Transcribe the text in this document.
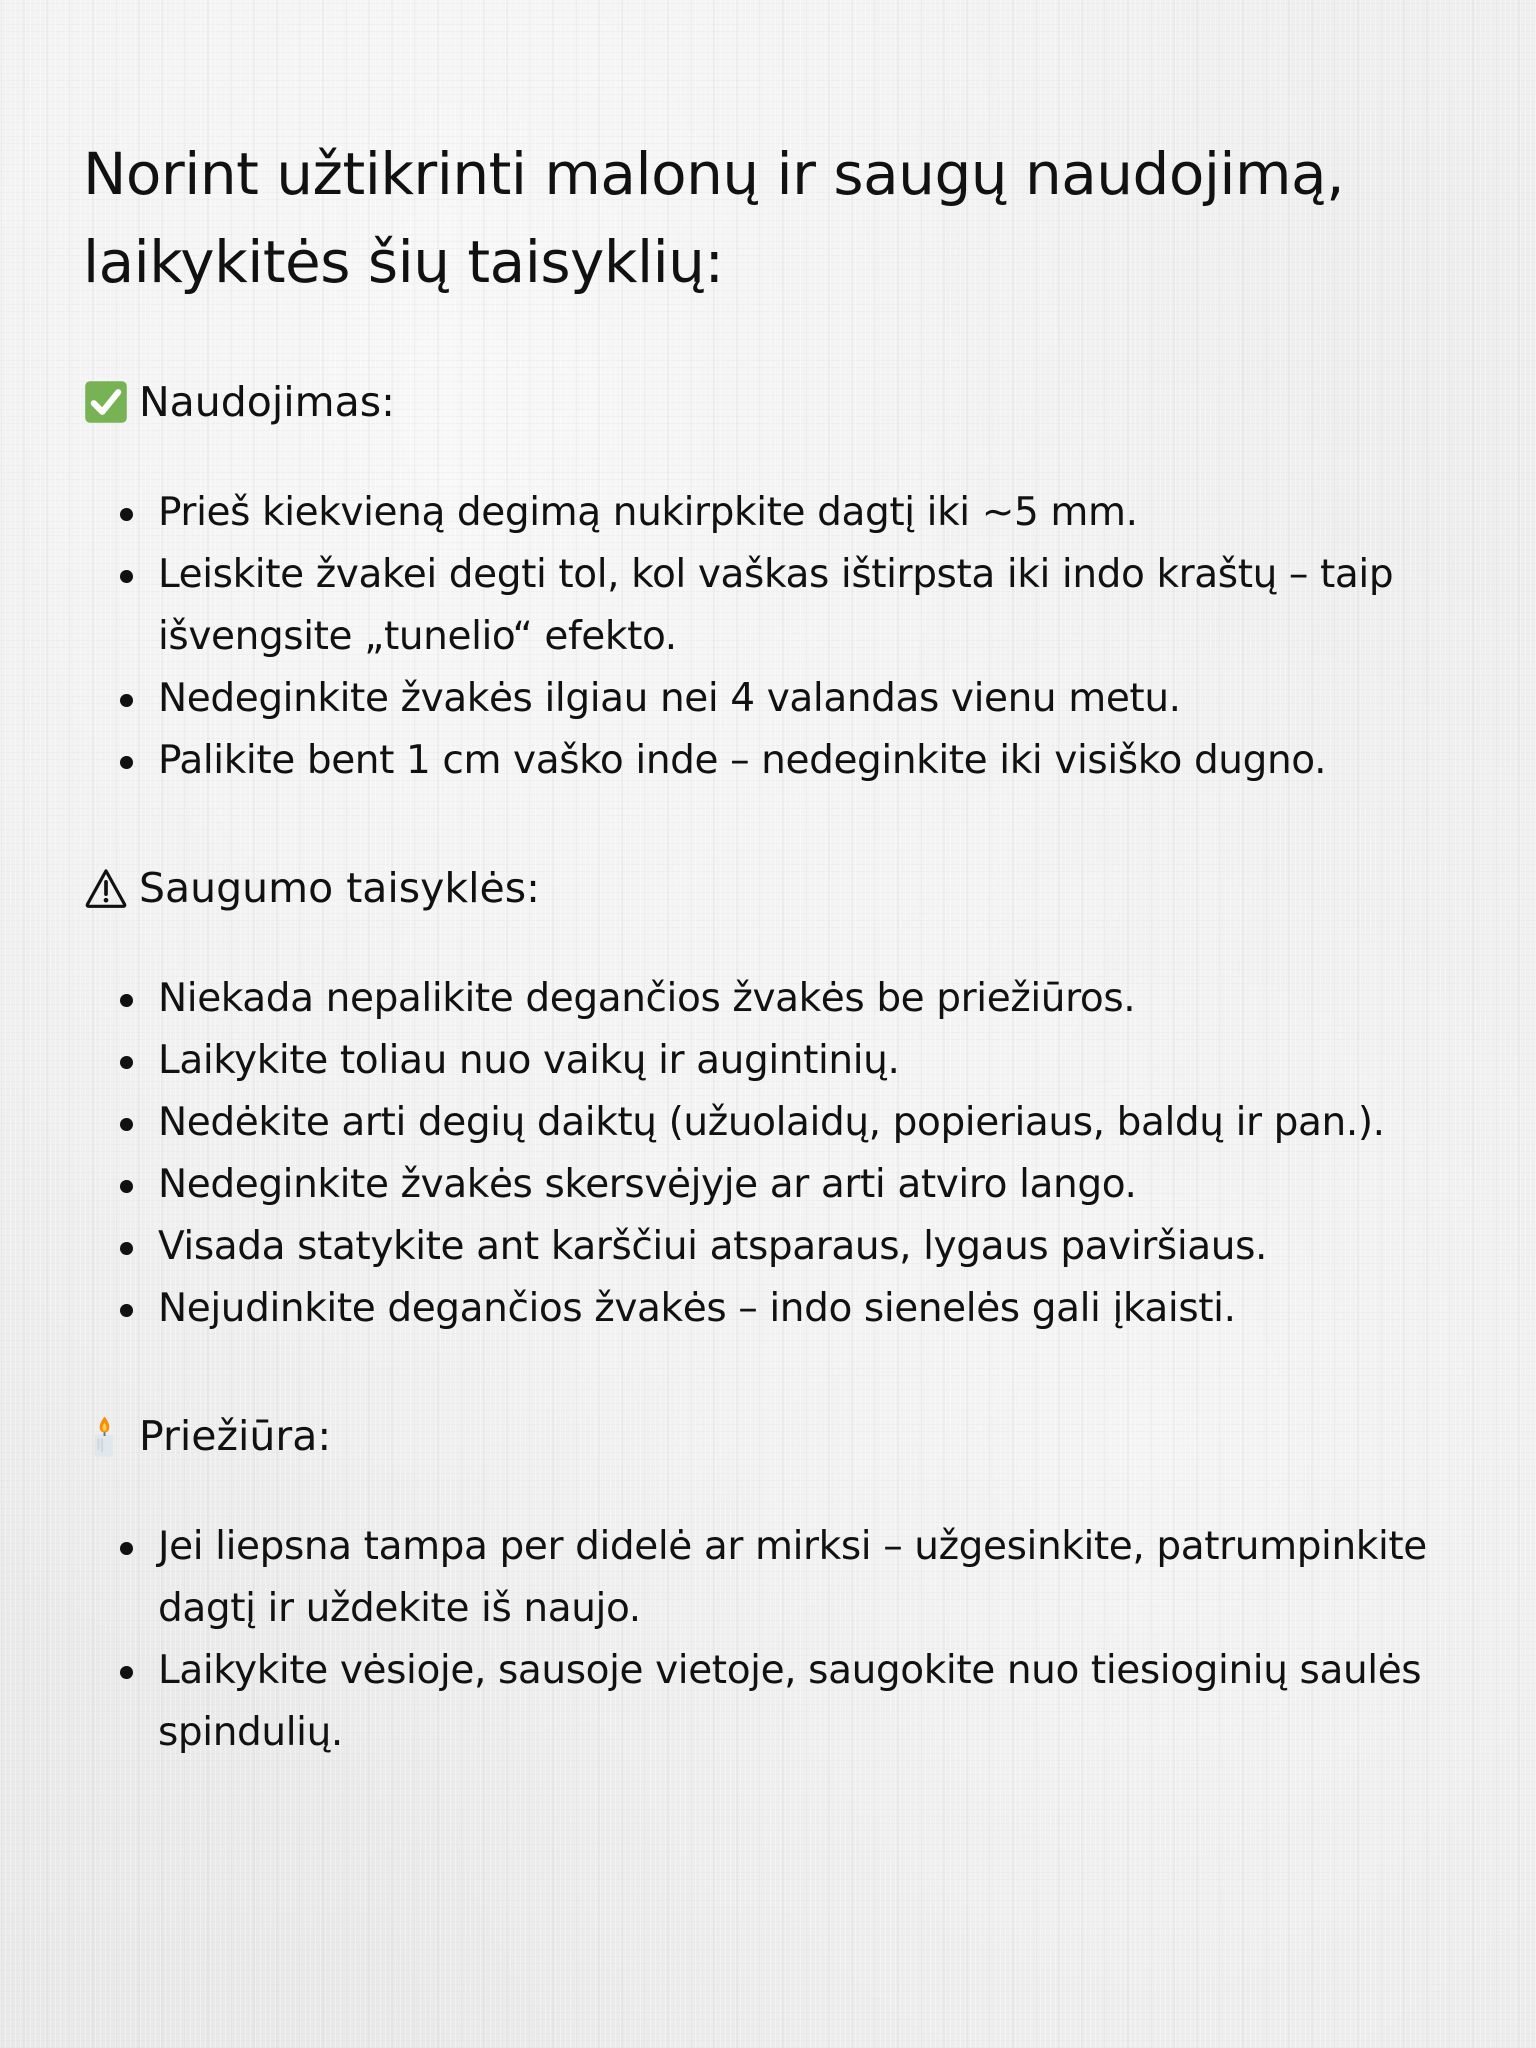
Norint užtikrinti malonų ir saugų naudojimą, laikykitės šių taisyklių:
Naudojimas:
Prieš kiekvieną degimą nukirpkite dagtį iki ~5 mm.
Leiskite žvakei degti tol, kol vaškas ištirpsta iki indo kraštų – taip išvengsite „tunelio“ efekto.
Nedeginkite žvakės ilgiau nei 4 valandas vienu metu.
Palikite bent 1 cm vaško inde – nedeginkite iki visiško dugno.
Saugumo taisyklės:
Niekada nepalikite degančios žvakės be priežiūros.
Laikykite toliau nuo vaikų ir augintinių.
Nedėkite arti degių daiktų (užuolaidų, popieriaus, baldų ir pan.).
Nedeginkite žvakės skersvėjyje ar arti atviro lango.
Visada statykite ant karščiui atsparaus, lygaus paviršiaus.
Nejudinkite degančios žvakės – indo sienelės gali įkaisti.
Priežiūra:
Jei liepsna tampa per didelė ar mirksi – užgesinkite, patrumpinkite dagtį ir uždekite iš naujo.
Laikykite vėsioje, sausoje vietoje, saugokite nuo tiesioginių saulės spindulių.
